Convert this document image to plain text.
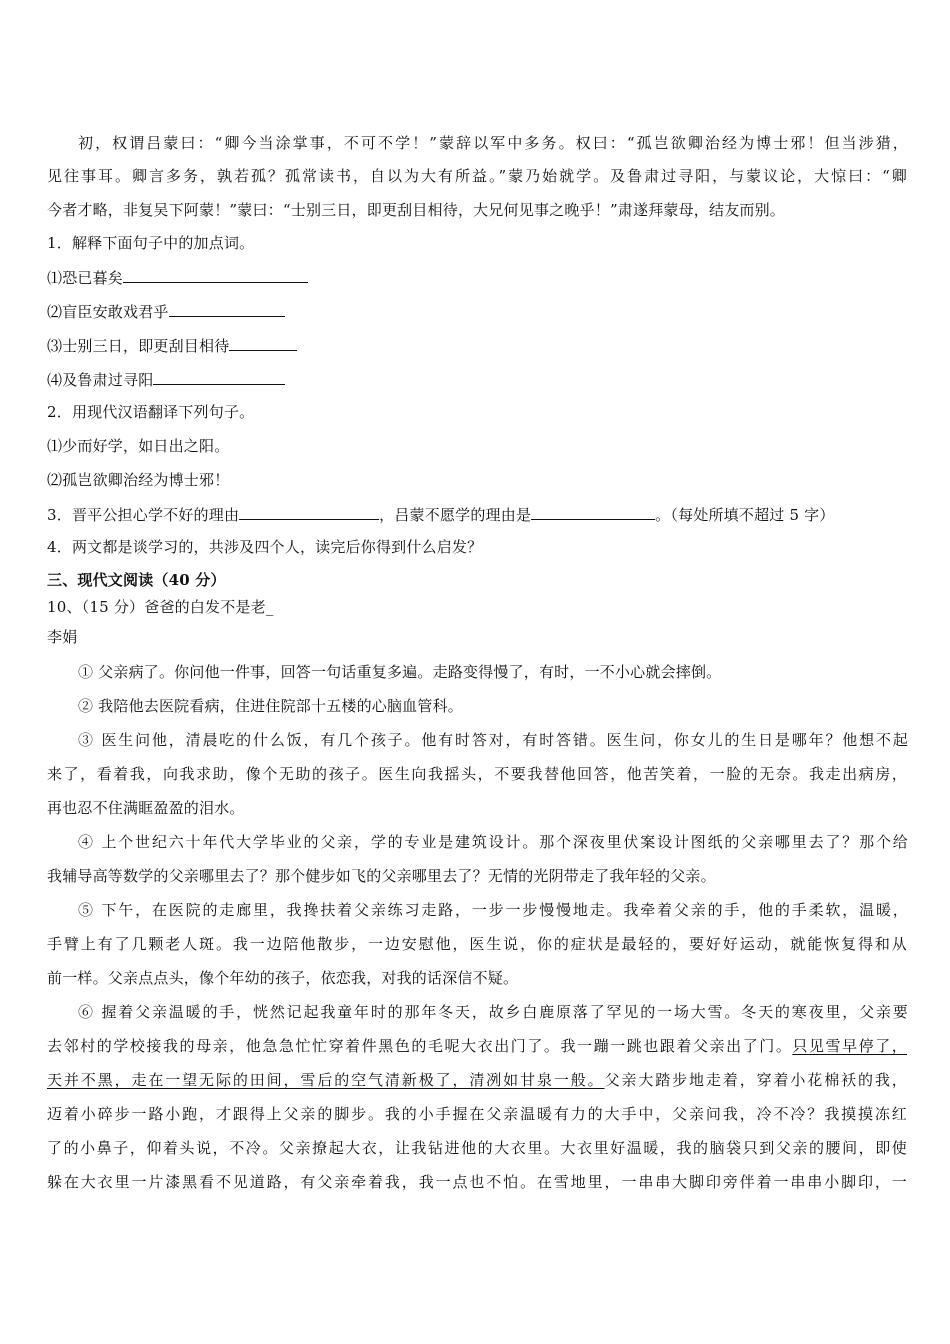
初，权谓吕蒙曰：“卿今当涂掌事，不可不学！”蒙辞以军中多务。权曰：“孤岂欲卿治经为博士邪！但当涉猎，
见往事耳。卿言多务，孰若孤？孤常读书，自以为大有所益。”蒙乃始就学。及鲁肃过寻阳，与蒙议论，大惊曰：“卿
今者才略，非复吴下阿蒙！”蒙曰：“士别三日，即更刮目相待，大兄何见事之晚乎！”肃遂拜蒙母，结友而别。
1．解释下面句子中的加点词。
⑴恐已暮矣
⑵盲臣安敢戏君乎
⑶士别三日，即更刮目相待
⑷及鲁肃过寻阳
2．用现代汉语翻译下列句子。
⑴少而好学，如日出之阳。
⑵孤岂欲卿治经为博士邪！
3．晋平公担心学不好的理由	，吕蒙不愿学的理由是	。（每处所填不超过 5 字）
4．两文都是谈学习的，共涉及四个人，读完后你得到什么启发？
三、现代文阅读（40 分）
10、（15 分）爸爸的白发不是老_
李娟
① 父亲病了。你问他一件事，回答一句话重复多遍。走路变得慢了，有时，一不小心就会摔倒。
② 我陪他去医院看病，住进住院部十五楼的心脑血管科。
③ 医生问他，清晨吃的什么饭，有几个孩子。他有时答对，有时答错。医生问，你女儿的生日是哪年？他想不起
来了，看着我，向我求助，像个无助的孩子。医生向我摇头，不要我替他回答，他苦笑着，一脸的无奈。我走出病房，
再也忍不住满眶盈盈的泪水。
④ 上个世纪六十年代大学毕业的父亲，学的专业是建筑设计。那个深夜里伏案设计图纸的父亲哪里去了？那个给
我辅导高等数学的父亲哪里去了？那个健步如飞的父亲哪里去了？无情的光阴带走了我年轻的父亲。
⑤ 下午，在医院的走廊里，我搀扶着父亲练习走路，一步一步慢慢地走。我牵着父亲的手，他的手柔软，温暖，
手臂上有了几颗老人斑。我一边陪他散步，一边安慰他，医生说，你的症状是最轻的，要好好运动，就能恢复得和从
前一样。父亲点点头，像个年幼的孩子，依恋我，对我的话深信不疑。
⑥ 握着父亲温暖的手，恍然记起我童年时的那年冬天，故乡白鹿原落了罕见的一场大雪。冬天的寒夜里，父亲要
去邻村的学校接我的母亲，他急急忙忙穿着件黑色的毛呢大衣出门了。我一蹦一跳也跟着父亲出了门。只见雪早停了，
天并不黑，走在一望无际的田间，雪后的空气清新极了，清冽如甘泉一般。父亲大踏步地走着，穿着小花棉袄的我，
迈着小碎步一路小跑，才跟得上父亲的脚步。我的小手握在父亲温暖有力的大手中，父亲问我，冷不冷？我摸摸冻红
了的小鼻子，仰着头说，不冷。父亲撩起大衣，让我钻进他的大衣里。大衣里好温暖，我的脑袋只到父亲的腰间，即使
躲在大衣里一片漆黑看不见道路，有父亲牵着我，我一点也不怕。在雪地里，一串串大脚印旁伴着一串串小脚印，一
